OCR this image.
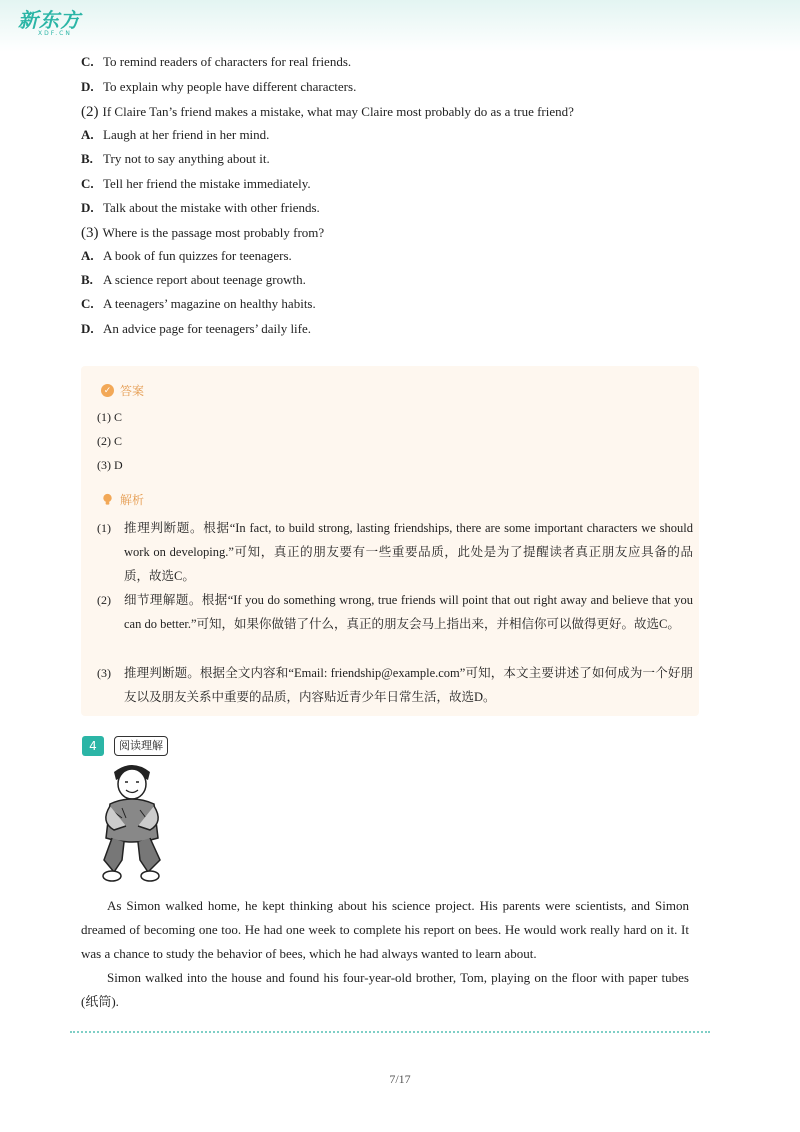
新东方
XDF.CN
C. To remind readers of characters for real friends.
D. To explain why people have different characters.
(2) If Claire Tan’s friend makes a mistake, what may Claire most probably do as a true friend?
A. Laugh at her friend in her mind.
B. Try not to say anything about it.
C. Tell her friend the mistake immediately.
D. Talk about the mistake with other friends.
(3) Where is the passage most probably from?
A. A book of fun quizzes for teenagers.
B. A science report about teenage growth.
C. A teenagers’ magazine on healthy habits.
D. An advice page for teenagers’ daily life.
✓ 答案
(1) C
(2) C
(3) D
解析
(1)	推理判断题。根据“In fact, to build strong, lasting friendships, there are some important characters we should work on developing.”可知，真正的朋友要有一些重要品质，此处是为了提醒读者真正朋友应具备的品质，故选C。
(2)	细节理解题。根据“If you do something wrong, true friends will point that out right away and believe that you can do better.”可知，如果你做错了什么，真正的朋友会马上指出来，并相信你可以做得更好。故选C。
(3)	推理判断题。根据全文内容和“Email: friendship@example.com”可知，本文主要讲述了如何成为一个好朋友以及朋友关系中重要的品质，内容贴近青少年日常生活，故选D。
4	阅读理解
As Simon walked home, he kept thinking about his science project. His parents were scientists, and Simon dreamed of becoming one too. He had one week to complete his report on bees. He would work really hard on it. It was a chance to study the behavior of bees, which he had always wanted to learn about.
Simon walked into the house and found his four-year-old brother, Tom, playing on the floor with paper tubes (纸筒).
7/17
